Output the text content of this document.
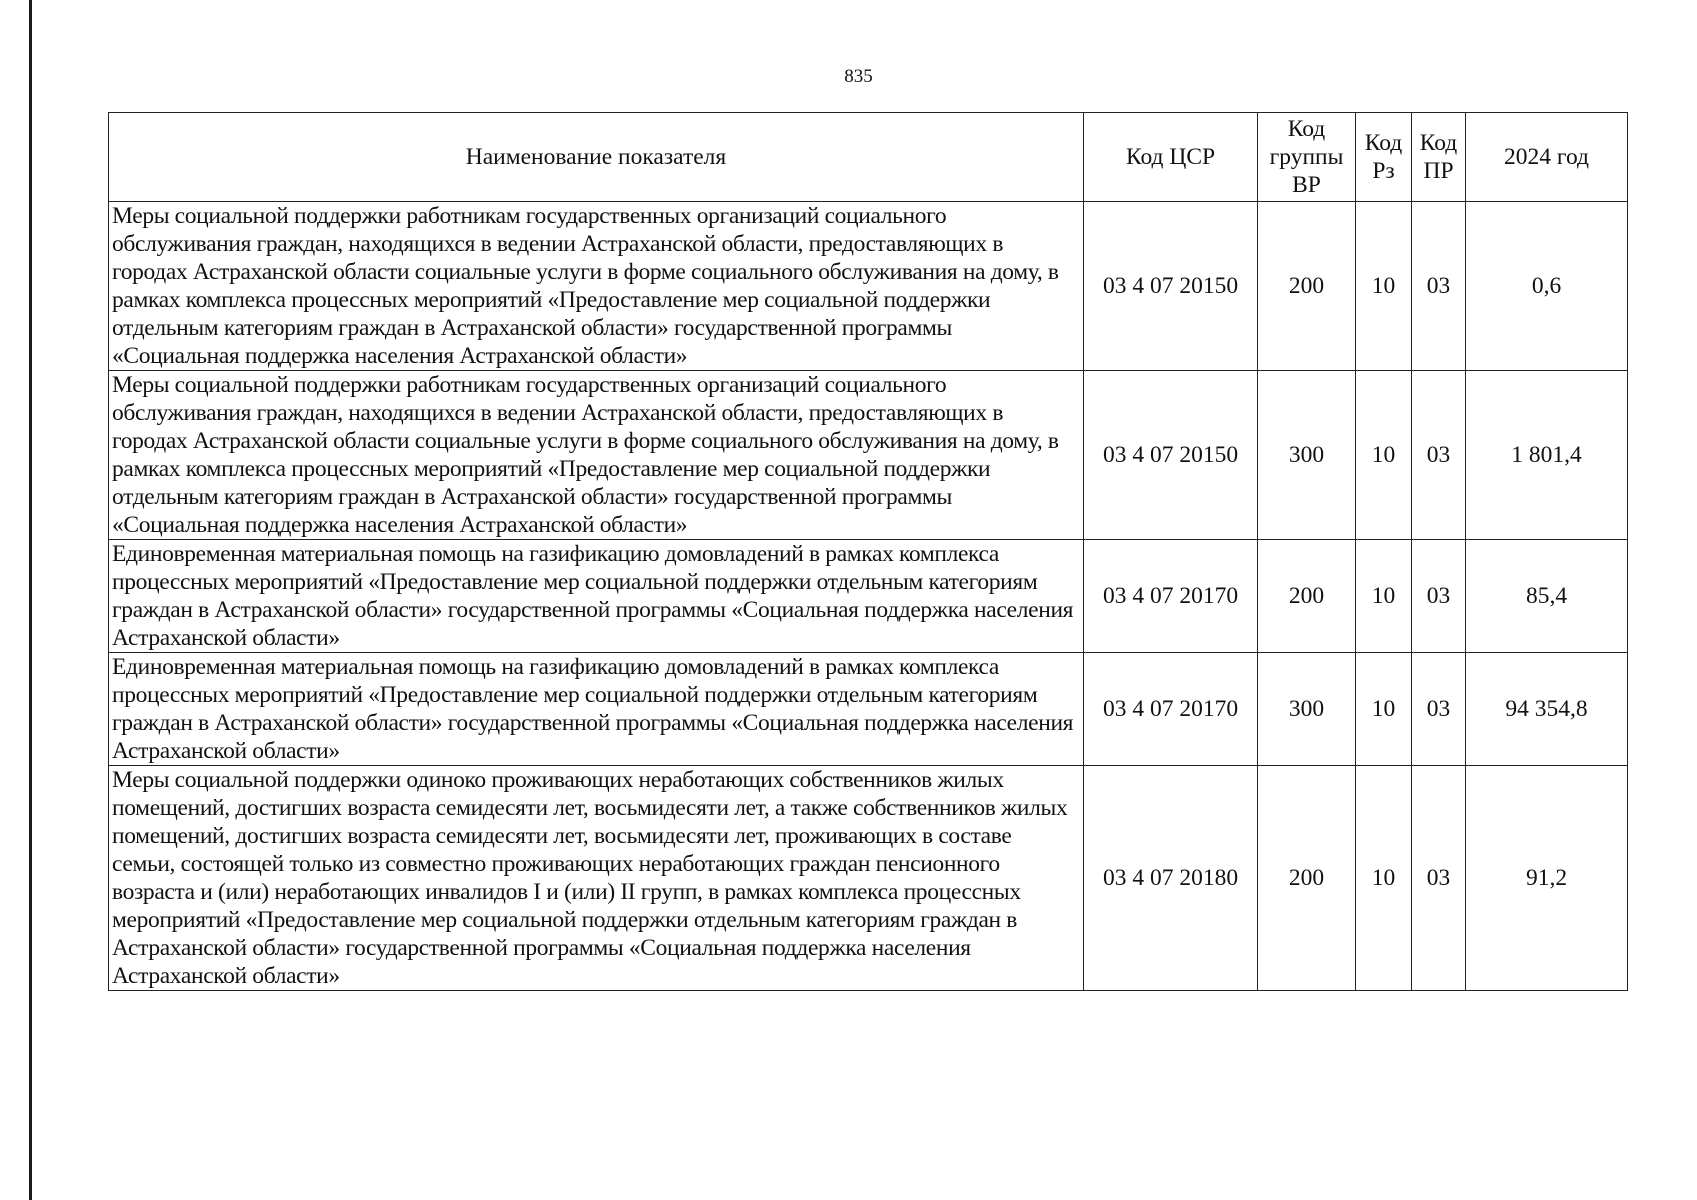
835
Наименование показателя	Код ЦСР	Код группы ВР	Код Рз	Код ПР	2024 год
Меры социальной поддержки работникам государственных организаций социального обслуживания граждан, находящихся в ведении Астраханской области, предоставляющих в городах Астраханской области социальные услуги в форме социального обслуживания на дому, в рамках комплекса процессных мероприятий «Предоставление мер социальной поддержки отдельным категориям граждан в Астраханской области» государственной программы «Социальная поддержка населения Астраханской области»	03 4 07 20150	200	10	03	0,6
Меры социальной поддержки работникам государственных организаций социального обслуживания граждан, находящихся в ведении Астраханской области, предоставляющих в городах Астраханской области социальные услуги в форме социального обслуживания на дому, в рамках комплекса процессных мероприятий «Предоставление мер социальной поддержки отдельным категориям граждан в Астраханской области» государственной программы «Социальная поддержка населения Астраханской области»	03 4 07 20150	300	10	03	1 801,4
Единовременная материальная помощь на газификацию домовладений в рамках комплекса процессных мероприятий «Предоставление мер социальной поддержки отдельным категориям граждан в Астраханской области» государственной программы «Социальная поддержка населения Астраханской области»	03 4 07 20170	200	10	03	85,4
Единовременная материальная помощь на газификацию домовладений в рамках комплекса процессных мероприятий «Предоставление мер социальной поддержки отдельным категориям граждан в Астраханской области» государственной программы «Социальная поддержка населения Астраханской области»	03 4 07 20170	300	10	03	94 354,8
Меры социальной поддержки одиноко проживающих неработающих собственников жилых помещений, достигших возраста семидесяти лет, восьмидесяти лет, а также собственников жилых помещений, достигших возраста семидесяти лет, восьмидесяти лет, проживающих в составе семьи, состоящей только из совместно проживающих неработающих граждан пенсионного возраста и (или) неработающих инвалидов I и (или) II групп, в рамках комплекса процессных мероприятий «Предоставление мер социальной поддержки отдельным категориям граждан в Астраханской области» государственной программы «Социальная поддержка населения Астраханской области»	03 4 07 20180	200	10	03	91,2
